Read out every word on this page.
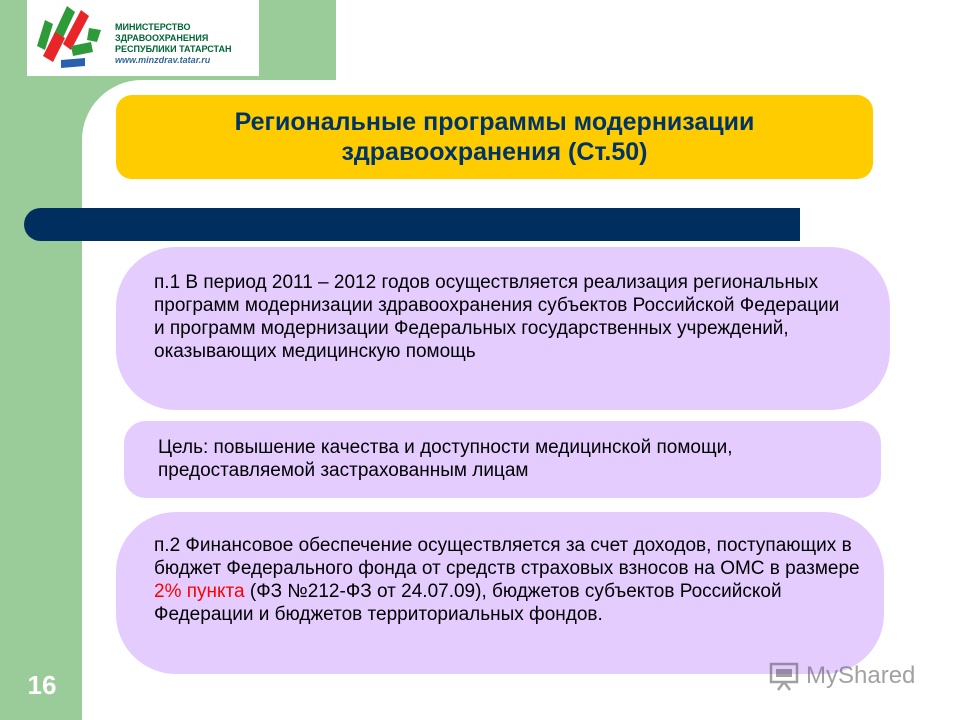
МИНИСТЕРСТВО ЗДРАВООХРАНЕНИЯ
РЕСПУБЛИКИ ТАТАРСТАН
www.minzdrav.tatar.ru
Региональные программы модернизации здравоохранения (Ст.50)
п.1 В период 2011 – 2012 годов осуществляется реализация региональных программ модернизации здравоохранения субъектов Российской Федерации и программ модернизации Федеральных государственных учреждений, оказывающих медицинскую помощь
Цель: повышение качества и доступности медицинской помощи, предоставляемой застрахованным лицам
п.2 Финансовое обеспечение осуществляется за счет доходов, поступающих в бюджет Федерального фонда от средств страховых взносов на ОМС в размере 2% пункта (ФЗ №212-ФЗ от 24.07.09), бюджетов субъектов Российской Федерации и бюджетов территориальных фондов.
16	MyShared
